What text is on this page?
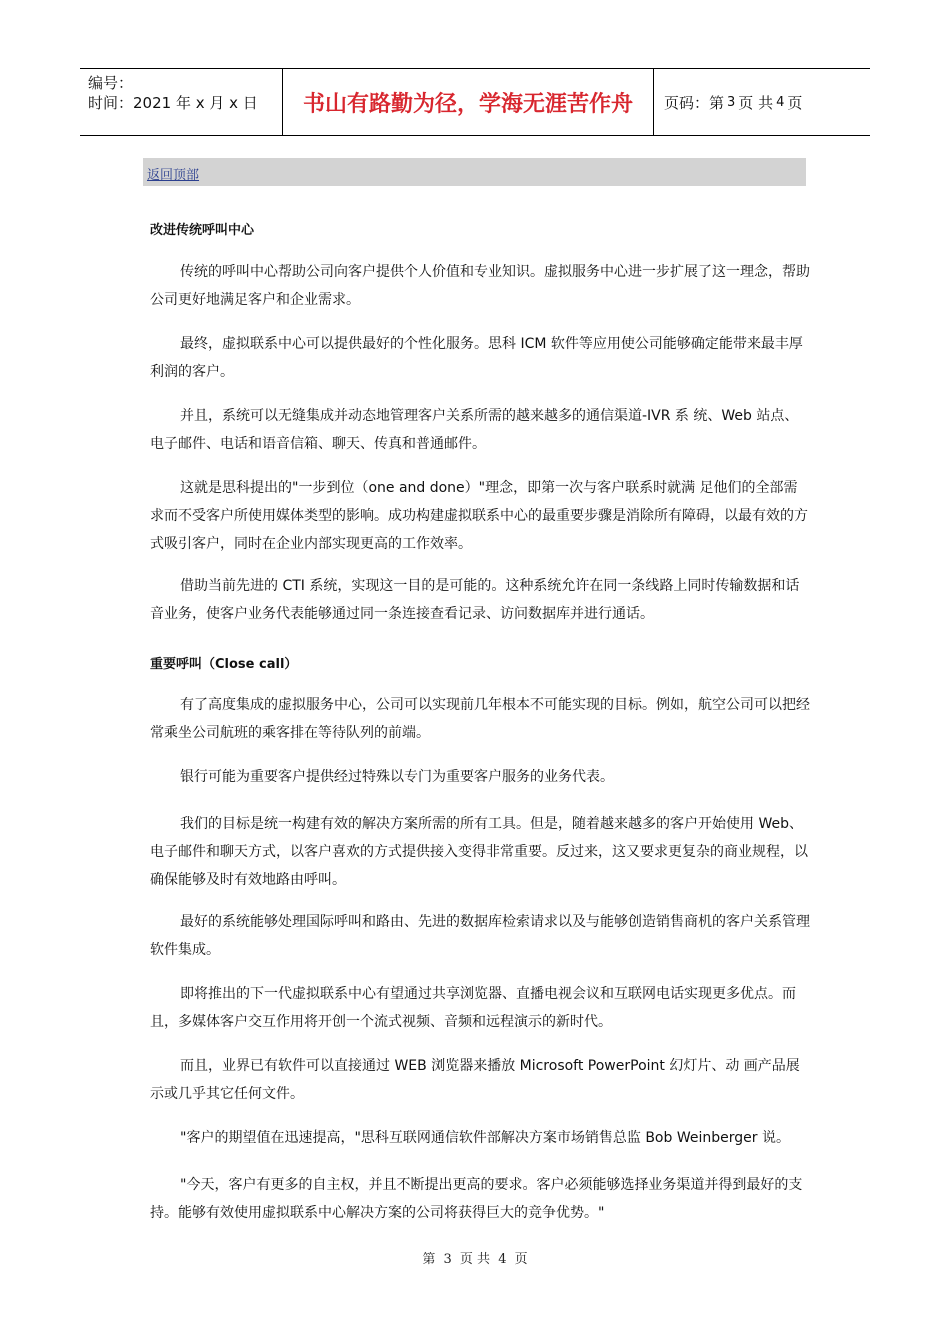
编号：
时间：2021 年 x 月 x 日	书山有路勤为径，学海无涯苦作舟	页码：第 3 页 共 4 页
返回顶部
改进传统呼叫中心
传统的呼叫中心帮助公司向客户提供个人价值和专业知识。虚拟服务中心进一步扩展了这一理念，帮助公司更好地满足客户和企业需求。
最终，虚拟联系中心可以提供最好的个性化服务。思科 ICM 软件等应用使公司能够确定能带来最丰厚利润的客户。
并且，系统可以无缝集成并动态地管理客户关系所需的越来越多的通信渠道-IVR 系 统、Web 站点、电子邮件、电话和语音信箱、聊天、传真和普通邮件。
这就是思科提出的"一步到位（one and done）"理念，即第一次与客户联系时就满 足他们的全部需求而不受客户所使用媒体类型的影响。成功构建虚拟联系中心的最重要步骤是消除所有障碍，以最有效的方式吸引客户，同时在企业内部实现更高的工作效率。
借助当前先进的 CTI 系统，实现这一目的是可能的。这种系统允许在同一条线路上同时传输数据和话音业务，使客户业务代表能够通过同一条连接查看记录、访问数据库并进行通话。
重要呼叫（Close call）
有了高度集成的虚拟服务中心，公司可以实现前几年根本不可能实现的目标。例如，航空公司可以把经常乘坐公司航班的乘客排在等待队列的前端。
银行可能为重要客户提供经过特殊以专门为重要客户服务的业务代表。
我们的目标是统一构建有效的解决方案所需的所有工具。但是，随着越来越多的客户开始使用 Web、电子邮件和聊天方式，以客户喜欢的方式提供接入变得非常重要。反过来，这又要求更复杂的商业规程，以确保能够及时有效地路由呼叫。
最好的系统能够处理国际呼叫和路由、先进的数据库检索请求以及与能够创造销售商机的客户关系管理软件集成。
即将推出的下一代虚拟联系中心有望通过共享浏览器、直播电视会议和互联网电话实现更多优点。而且，多媒体客户交互作用将开创一个流式视频、音频和远程演示的新时代。
而且，业界已有软件可以直接通过 WEB 浏览器来播放 Microsoft PowerPoint 幻灯片、动 画产品展示或几乎其它任何文件。
"客户的期望值在迅速提高，"思科互联网通信软件部解决方案市场销售总监 Bob Weinberger 说。
"今天，客户有更多的自主权，并且不断提出更高的要求。客户必须能够选择业务渠道并得到最好的支持。能够有效使用虚拟联系中心解决方案的公司将获得巨大的竞争优势。"
第 3 页 共 4 页
